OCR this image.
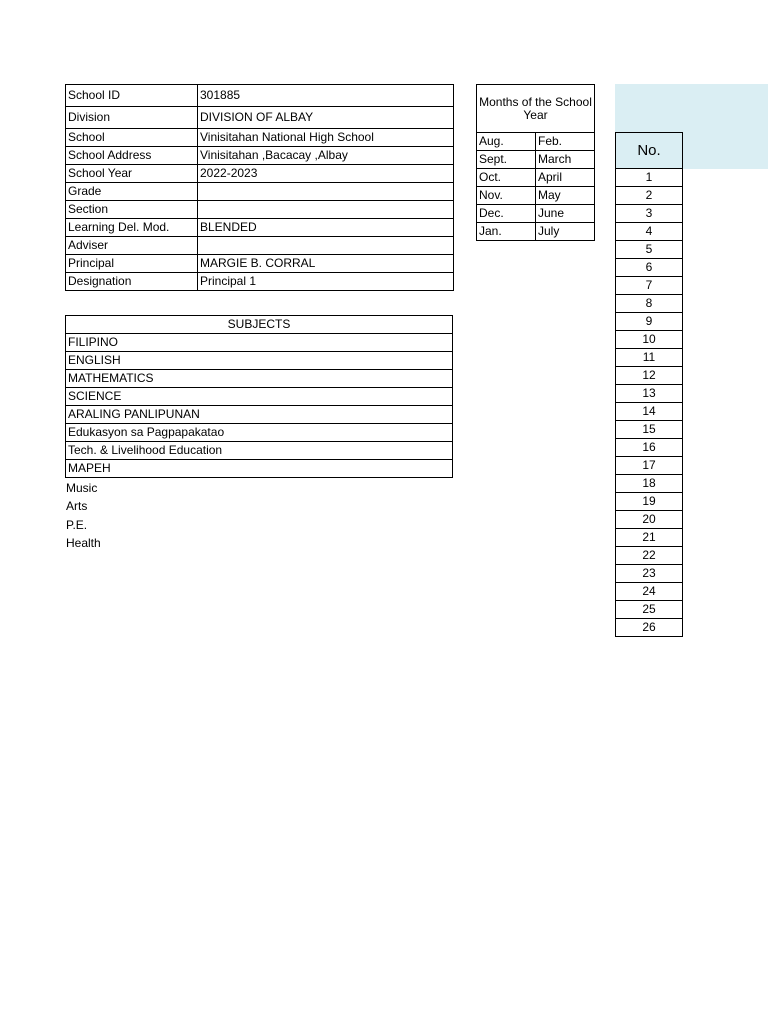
School ID	301885
Division	DIVISION OF ALBAY
School	Vinisitahan National High School
School Address	Vinisitahan ,Bacacay ,Albay
School Year	2022-2023
Grade	
Section	
Learning Del. Mod.	BLENDED
Adviser	
Principal	MARGIE B. CORRAL
Designation	Principal 1
Months of the School Year	
Aug.	Feb.
Sept.	March
Oct.	April
Nov.	May
Dec.	June
Jan.	July
SUBJECTS
FILIPINO
ENGLISH
MATHEMATICS
SCIENCE
ARALING PANLIPUNAN
Edukasyon sa Pagpapakatao
Tech. & Livelihood Education
MAPEH
Music
Arts
P.E.
Health
No.
1
2
3
4
5
6
7
8
9
10
11
12
13
14
15
16
17
18
19
20
21
22
23
24
25
26
